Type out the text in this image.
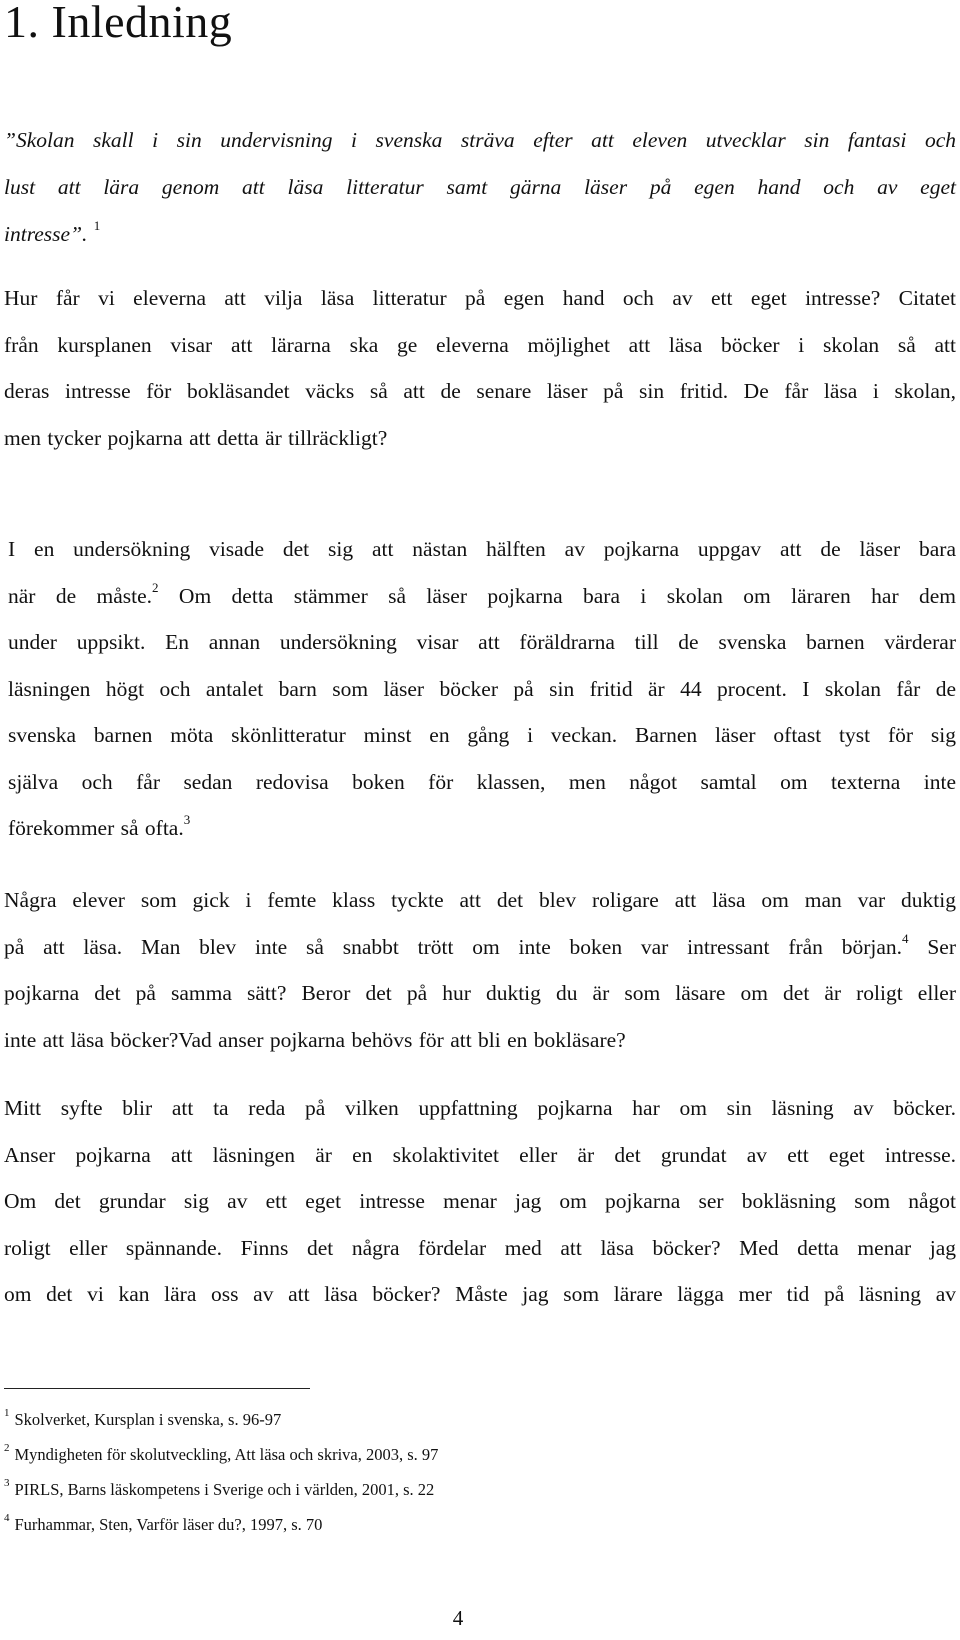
1. Inledning

”Skolan skall i sin undervisning i svenska sträva efter att eleven utvecklar sin fantasi och
lust att lära genom att läsa litteratur samt gärna läser på egen hand och av eget
intresse”. $^1$

Hur får vi eleverna att vilja läsa litteratur på egen hand och av ett eget intresse? Citatet
från kursplanen visar att lärarna ska ge eleverna möjlighet att läsa böcker i skolan så att
deras intresse för bokläsandet väcks så att de senare läser på sin fritid. De får läsa i skolan,
men tycker pojkarna att detta är tillräckligt?

I en undersökning visade det sig att nästan hälften av pojkarna uppgav att de läser bara
när de måste.$^2$ Om detta stämmer så läser pojkarna bara i skolan om läraren har dem
under uppsikt. En annan undersökning visar att föräldrarna till de svenska barnen värderar
läsningen högt och antalet barn som läser böcker på sin fritid är 44 procent. I skolan får de
svenska barnen möta skönlitteratur minst en gång i veckan. Barnen läser oftast tyst för sig
själva och får sedan redovisa boken för klassen, men något samtal om texterna inte
förekommer så ofta.$^3$

Några elever som gick i femte klass tyckte att det blev roligare att läsa om man var duktig
på att läsa. Man blev inte så snabbt trött om inte boken var intressant från början.$^4$ Ser
pojkarna det på samma sätt? Beror det på hur duktig du är som läsare om det är roligt eller
inte att läsa böcker?Vad anser pojkarna behövs för att bli en bokläsare?

Mitt syfte blir att ta reda på vilken uppfattning pojkarna har om sin läsning av böcker.
Anser pojkarna att läsningen är en skolaktivitet eller är det grundat av ett eget intresse.
Om det grundar sig av ett eget intresse menar jag om pojkarna ser bokläsning som något
roligt eller spännande. Finns det några fördelar med att läsa böcker? Med detta menar jag
om det vi kan lära oss av att läsa böcker? Måste jag som lärare lägga mer tid på läsning av

$^1$ Skolverket, Kursplan i svenska, s. 96-97
$^2$ Myndigheten för skolutveckling, Att läsa och skriva, 2003, s. 97
$^3$ PIRLS, Barns läskompetens i Sverige och i världen, 2001, s. 22
$^4$ Furhammar, Sten, Varför läser du?, 1997, s. 70
4
